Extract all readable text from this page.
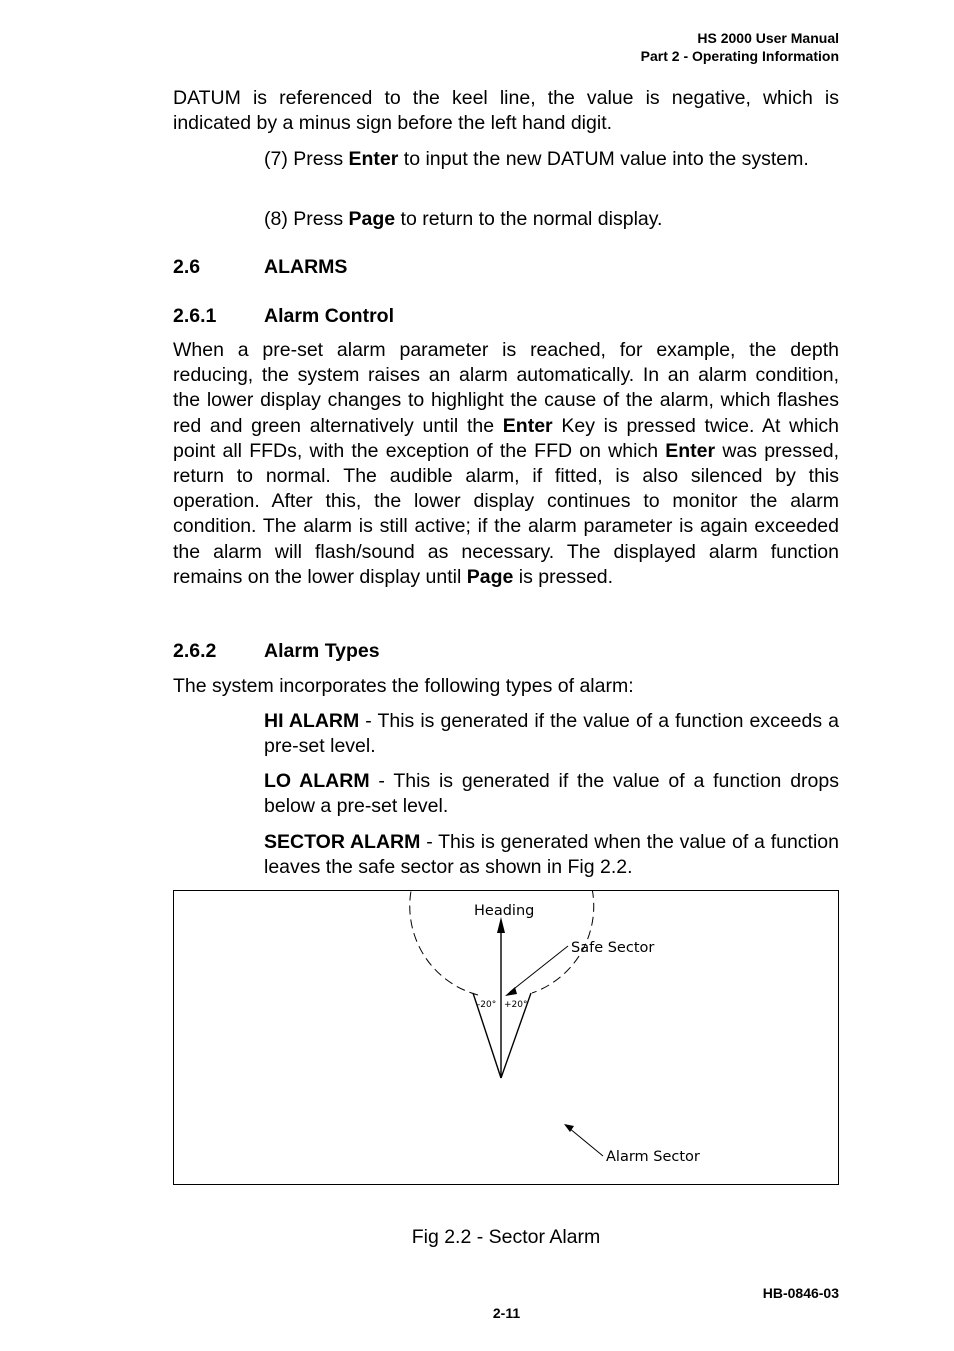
HS 2000 User Manual
Part 2 - Operating Information
DATUM is referenced to the keel line, the value is negative, which is indicated by a minus sign before the left hand digit.
(7) Press Enter to input the new DATUM value into the system.
(8) Press Page to return to the normal display.
2.6	ALARMS
2.6.1 Alarm Control
When a pre-set alarm parameter is reached, for example, the depth reducing, the system raises an alarm automatically. In an alarm condition, the lower display changes to highlight the cause of the alarm, which flashes red and green alternatively until the Enter Key is pressed twice. At which point all FFDs, with the exception of the FFD on which Enter was pressed, return to normal. The audible alarm, if fitted, is also silenced by this operation. After this, the lower display continues to monitor the alarm condition. The alarm is still active; if the alarm parameter is again exceeded the alarm will flash/sound as necessary. The displayed alarm function remains on the lower display until Page is pressed.
2.6.2 Alarm Types
The system incorporates the following types of alarm:
HI ALARM - This is generated if the value of a function exceeds a pre-set level.
LO ALARM - This is generated if the value of a function drops below a pre-set level.
SECTOR ALARM - This is generated when the value of a function leaves the safe sector as shown in Fig 2.2.
Heading
Safe Sector
Alarm Sector
-20° +20°
Fig 2.2 - Sector Alarm
HB-0846-03
2-11
